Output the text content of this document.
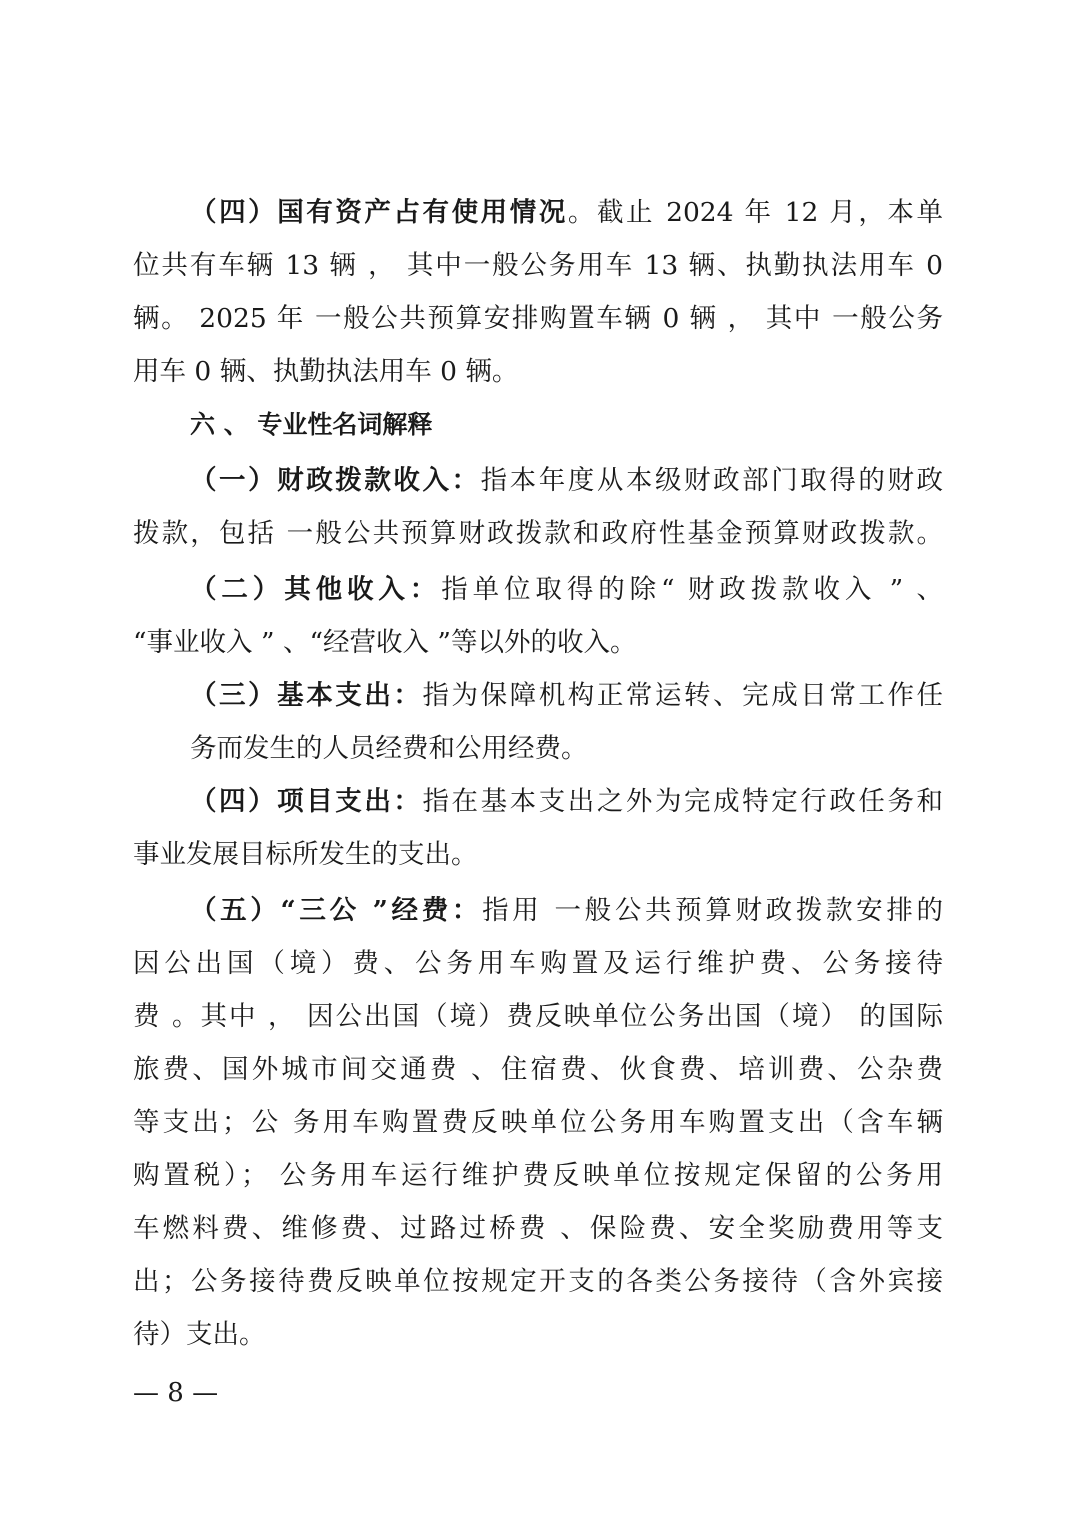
（四）国有资产占有使用情况。截止 2024 年 12 月，本单
位共有车辆 13 辆 ， 其中一般公务用车 13 辆、执勤执法用车 0
辆。 2025 年 一般公共预算安排购置车辆 0 辆 ， 其中 一般公务
用车 0 辆、执勤执法用车 0 辆。
六 、 专业性名词解释
（一）财政拨款收入：指本年度从本级财政部门取得的财政
拨款，包括 一般公共预算财政拨款和政府性基金预算财政拨款。
（二）其他收入：指单位取得的除“ 财政拨款收入 ” 、
“事业收入 ” 、“经营收入 ”等以外的收入。
（三）基本支出：指为保障机构正常运转、完成日常工作任
务而发生的人员经费和公用经费。
（四）项目支出：指在基本支出之外为完成特定行政任务和
事业发展目标所发生的支出。
（五）“三公 ”经费：指用 一般公共预算财政拨款安排的
因公出国（境）费、公务用车购置及运行维护费、公务接待
费 。其中 ， 因公出国（境）费反映单位公务出国（境） 的国际
旅费、国外城市间交通费 、住宿费、伙食费、培训费、公杂费
等支出；公 务用车购置费反映单位公务用车购置支出（含车辆
购置税）； 公务用车运行维护费反映单位按规定保留的公务用
车燃料费、维修费、过路过桥费 、保险费、安全奖励费用等支
出；公务接待费反映单位按规定开支的各类公务接待（含外宾接
待）支出。
— 8 —
